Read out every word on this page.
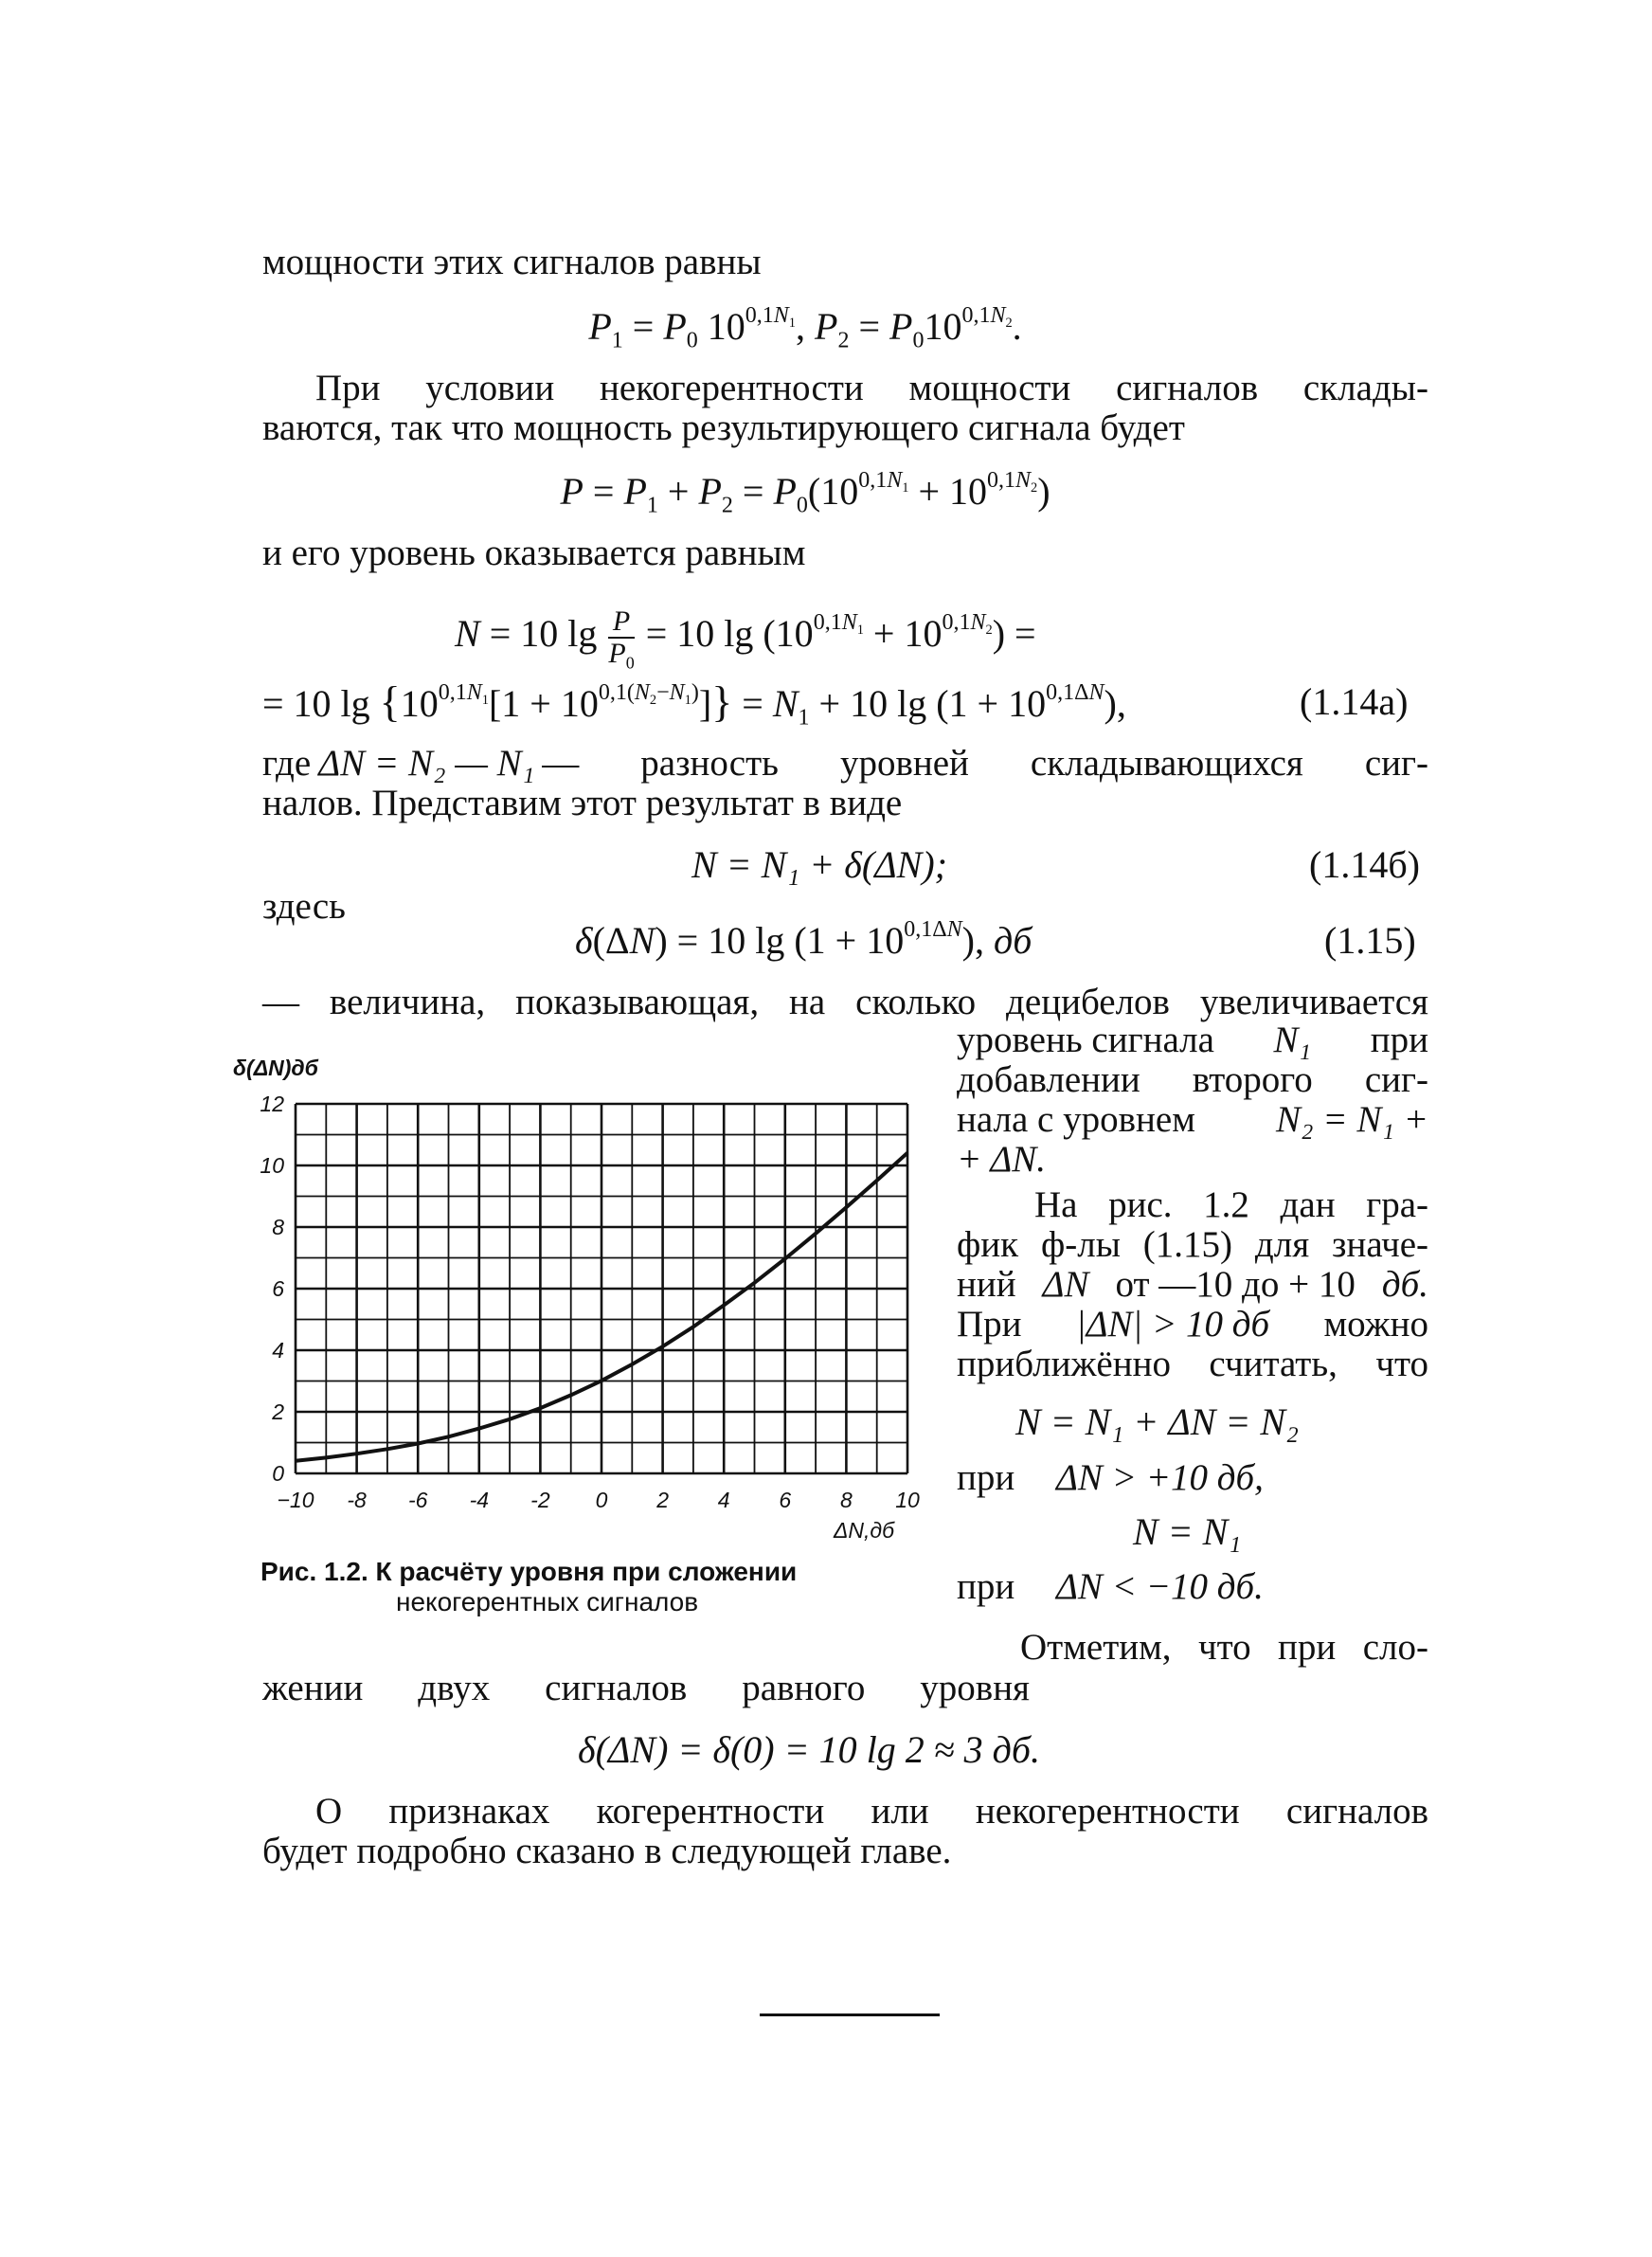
мощности этих сигналов равны
$P_1 = P_0$ $10^{0,1N_1}$, $P_2 = P_010^{0,1N_2}$.
При условии некогерентности мощности сигналов склады-
ваются, так что мощность результирующего сигнала будет
$P = P_1 + P_2 = P_0(10^{0,1N_1} + 10^{0,1N_2})$
и его уровень оказывается равным
N = 10 $\lg \frac{P}{P_0} = 10$ $\lg (10^{0,1N_1} + 10^{0,1N_2})$ =
= 10 $\lg \{10^{0,1N_1}[1 + 10^{0,1(N_2-N_1)}]\} = N_1 + 10$ $\lg (1 + 10^{0,1\Delta N})$,	(1.14а)
где ΔN = N₂ — N₁ — разность уровней складывающихся сиг-
налов. Представим этот результат в виде
N = N₁ + δ(ΔN);	(1.14б)
здесь
δ(ΔN) = 10 $\lg (1 + 10^{0,1\Delta N})$, дб	(1.15)
— величина, показывающая, на сколько децибелов увеличивается
−10 -8 -6 -4 -2 0 2 4 6 8 10
0
2
4
6
8
10
12
δ(ΔN)дб
ΔN,дб
Рис. 1.2. К расчёту уровня при сложении
некогерентных сигналов
уровень сигнала N₁ при
добавлении второго сиг-
нала с уровнем N₂ = N₁ +
+ ΔN.
На рис. 1.2 дан гра-
фик ф-лы (1.15) для значе-
ний ΔN от —10 до + 10 дб.
При |ΔN| > 10 дб можно
приближённо считать, что
N = N₁ + ΔN = N₂
при ΔN > +10 дб,
N = N₁
при ΔN < −10 дб.
Отметим, что при сло-
жении двух сигналов равного уровня
δ(ΔN) = δ(0) = 10 lg 2 ≈ 3 дб.
О признаках когерентности или некогерентности сигналов
будет подробно сказано в следующей главе.
